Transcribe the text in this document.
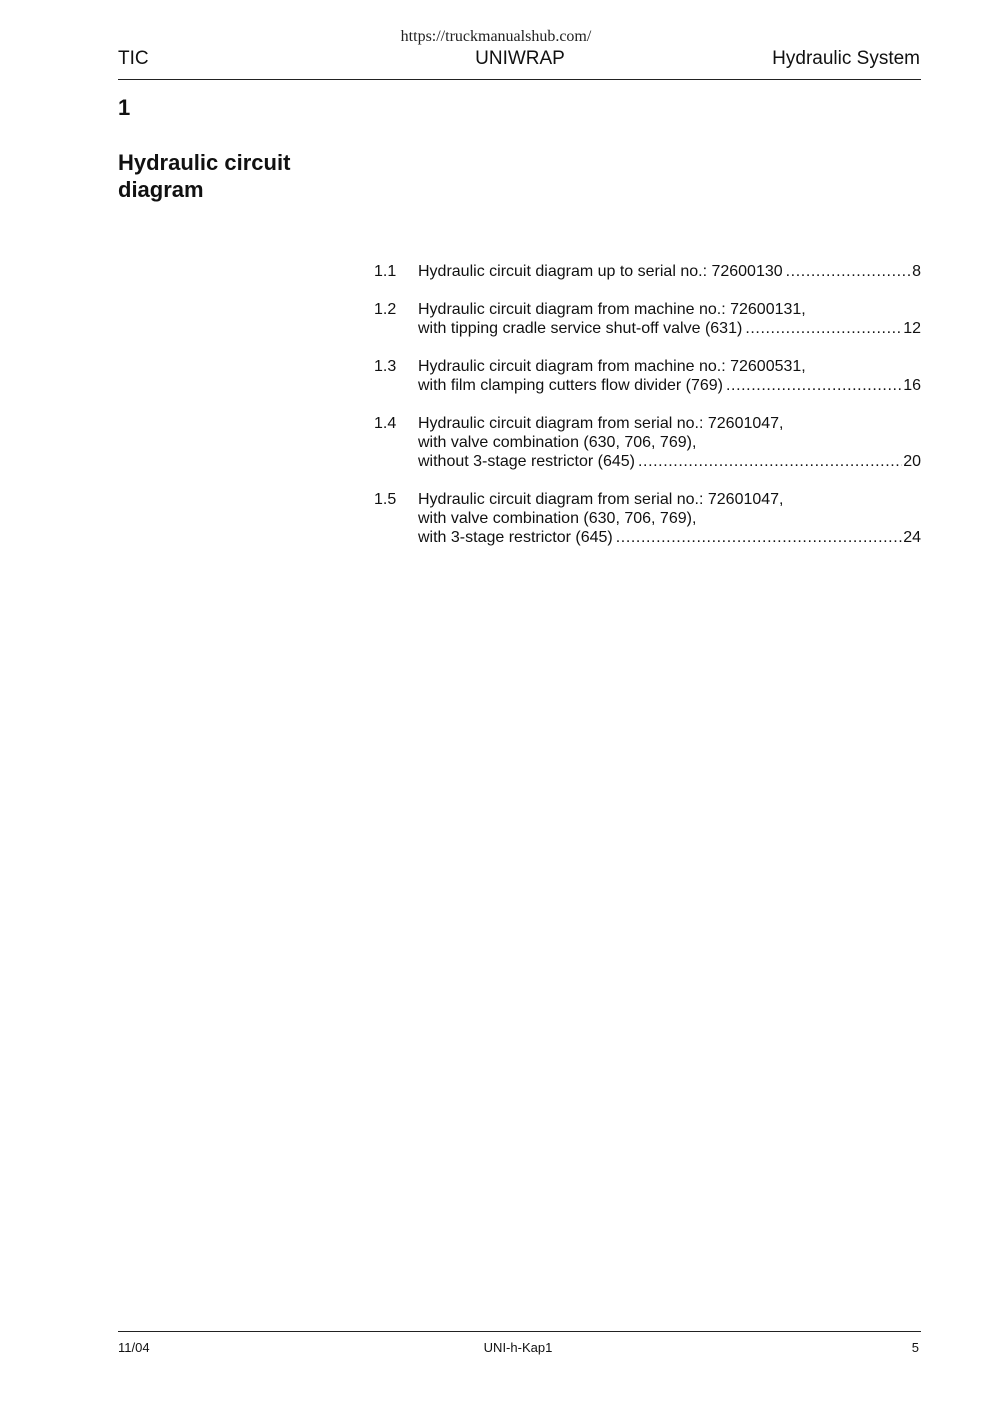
https://truckmanualshub.com/
TIC	UNIWRAP	Hydraulic System
1
Hydraulic circuit diagram
1.1 Hydraulic circuit diagram up to serial no.: 72600130 .....	8
1.2 Hydraulic circuit diagram from machine no.: 72600131,
with tipping cradle service shut-off valve (631) .....	12
1.3 Hydraulic circuit diagram from machine no.: 72600531,
with film clamping cutters flow divider (769) .....	16
1.4 Hydraulic circuit diagram from serial no.: 72601047,
with valve combination (630, 706, 769),
without 3-stage restrictor (645) .....	20
1.5 Hydraulic circuit diagram from serial no.: 72601047,
with valve combination (630, 706, 769),
with 3-stage restrictor (645) .....	24
11/04	UNI-h-Kap1	5
